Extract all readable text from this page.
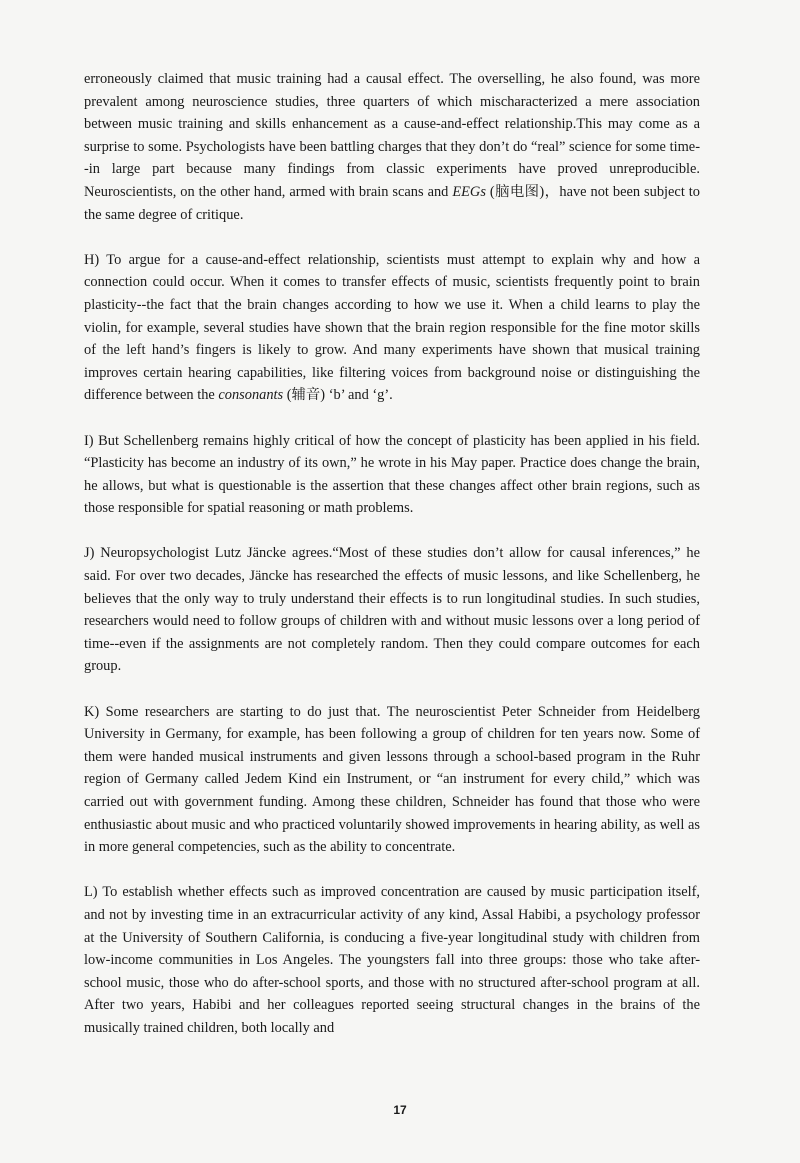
erroneously claimed that music training had a causal effect. The overselling, he also found, was more prevalent among neuroscience studies, three quarters of which mischaracterized a mere association between music training and skills enhancement as a cause-and-effect relationship.This may come as a surprise to some. Psychologists have been battling charges that they don’t do “real” science for some time--in large part because many findings from classic experiments have proved unreproducible. Neuroscientists, on the other hand, armed with brain scans and EEGs (脑电图)，have not been subject to the same degree of critique.

H) To argue for a cause-and-effect relationship, scientists must attempt to explain why and how a connection could occur. When it comes to transfer effects of music, scientists frequently point to brain plasticity--the fact that the brain changes according to how we use it. When a child learns to play the violin, for example, several studies have shown that the brain region responsible for the fine motor skills of the left hand’s fingers is likely to grow. And many experiments have shown that musical training improves certain hearing capabilities, like filtering voices from background noise or distinguishing the difference between the consonants (辅音) ‘b’ and ‘g’.

I) But Schellenberg remains highly critical of how the concept of plasticity has been applied in his field. “Plasticity has become an industry of its own,” he wrote in his May paper. Practice does change the brain, he allows, but what is questionable is the assertion that these changes affect other brain regions, such as those responsible for spatial reasoning or math problems.

J) Neuropsychologist Lutz Jäncke agrees.“Most of these studies don’t allow for causal inferences,” he said. For over two decades, Jäncke has researched the effects of music lessons, and like Schellenberg, he believes that the only way to truly understand their effects is to run longitudinal studies. In such studies, researchers would need to follow groups of children with and without music lessons over a long period of time--even if the assignments are not completely random. Then they could compare outcomes for each group.

K) Some researchers are starting to do just that. The neuroscientist Peter Schneider from Heidelberg University in Germany, for example, has been following a group of children for ten years now. Some of them were handed musical instruments and given lessons through a school-based program in the Ruhr region of Germany called Jedem Kind ein Instrument, or “an instrument for every child,” which was carried out with government funding. Among these children, Schneider has found that those who were enthusiastic about music and who practiced voluntarily showed improvements in hearing ability, as well as in more general competencies, such as the ability to concentrate.

L) To establish whether effects such as improved concentration are caused by music participation itself, and not by investing time in an extracurricular activity of any kind, Assal Habibi, a psychology professor at the University of Southern California, is conducing a five-year longitudinal study with children from low-income communities in Los Angeles. The youngsters fall into three groups: those who take after-school music, those who do after-school sports, and those with no structured after-school program at all. After two years, Habibi and her colleagues reported seeing structural changes in the brains of the musically trained children, both locally and

17
